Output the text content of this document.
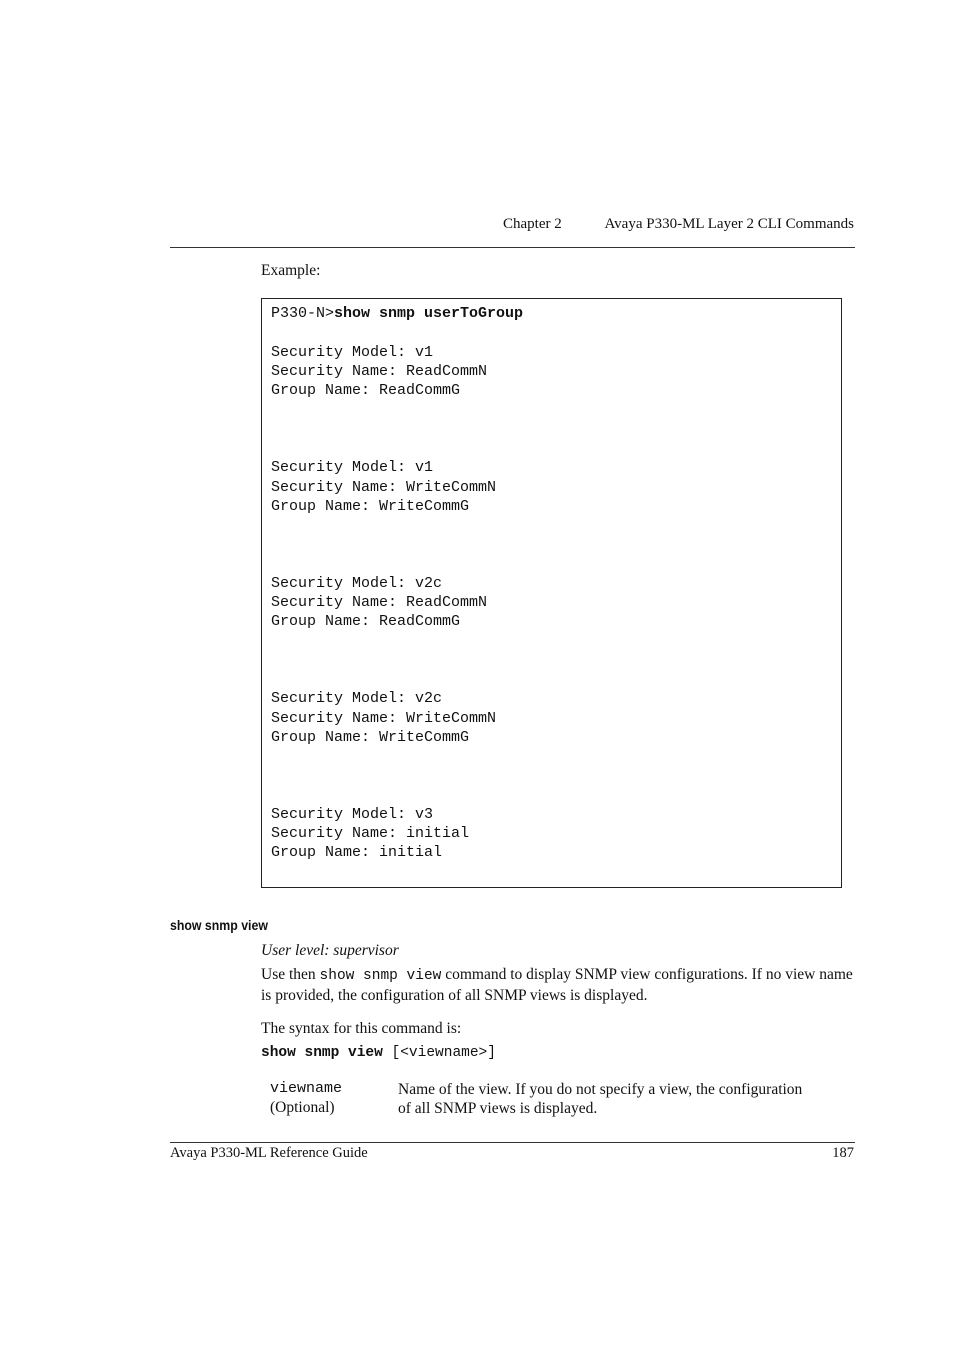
Chapter 2	Avaya P330-ML Layer 2 CLI Commands
Example:
P330-N>show snmp userToGroup
Security Model: v1
Security Name: ReadCommN
Group Name: ReadCommG
Security Model: v1
Security Name: WriteCommN
Group Name: WriteCommG
Security Model: v2c
Security Name: ReadCommN
Group Name: ReadCommG
Security Model: v2c
Security Name: WriteCommN
Group Name: WriteCommG
Security Model: v3
Security Name: initial
Group Name: initial
show snmp view
User level: supervisor
Use then show snmp view command to display SNMP view configurations. If no view name is provided, the configuration of all SNMP views is displayed.
The syntax for this command is:
show snmp view [<viewname>]
viewname
(Optional)
Name of the view. If you do not specify a view, the configuration of all SNMP views is displayed.
Avaya P330-ML Reference Guide	187
